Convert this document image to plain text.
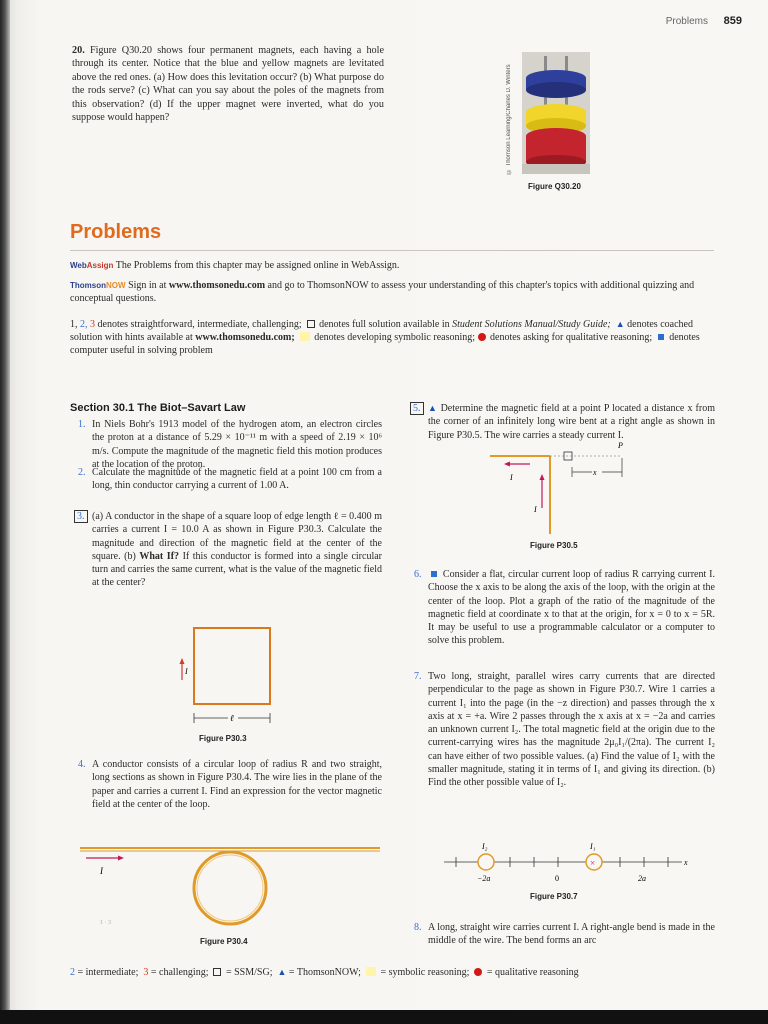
Problems 859
20. Figure Q30.20 shows four permanent magnets, each having a hole through its center. Notice that the blue and yellow magnets are levitated above the red ones. (a) How does this levitation occur? (b) What purpose do the rods serve? (c) What can you say about the poles of the magnets from this observation? (d) If the upper magnet were inverted, what do you suppose would happen?	© Thomson Learning/Charles D. Winters
Figure Q30.20
Problems
WebAssign The Problems from this chapter may be assigned online in WebAssign.
ThomsonNOW Sign in at www.thomsonedu.com and go to ThomsonNOW to assess your understanding of this chapter's topics with additional quizzing and conceptual questions.
1, 2, 3 denotes straightforward, intermediate, challenging;   denotes full solution available in Student Solutions Manual/Study Guide; ▲ denotes coached solution with hints available at www.thomsonedu.com;   denotes developing symbolic reasoning;  denotes asking for qualitative reasoning;  denotes computer useful in solving problem
Section 30.1 The Biot–Savart Law
1. In Niels Bohr's 1913 model of the hydrogen atom, an electron circles the proton at a distance of 5.29 × 10⁻¹¹ m with a speed of 2.19 × 10⁶ m/s. Compute the magnitude of the magnetic field this motion produces at the location of the proton.
2. Calculate the magnitude of the magnetic field at a point 100 cm from a long, thin conductor carrying a current of 1.00 A.
3. (a) A conductor in the shape of a square loop of edge length ℓ = 0.400 m carries a current I = 10.0 A as shown in Figure P30.3. Calculate the magnitude and direction of the magnetic field at the center of the square. (b) What If? If this conductor is formed into a single circular turn and carries the same current, what is the value of the magnetic field at the center?
I
ℓ
Figure P30.3
4. A conductor consists of a circular loop of radius R and two straight, long sections as shown in Figure P30.4. The wire lies in the plane of the paper and carries a current I. Find an expression for the vector magnetic field at the center of the loop.
I
1 · 3
Figure P30.4
5. ▲ Determine the magnetic field at a point P located a distance x from the corner of an infinitely long wire bent at a right angle as shown in Figure P30.5. The wire carries a steady current I.
x
P
I
I
Figure P30.5
6. Consider a flat, circular current loop of radius R carrying current I. Choose the x axis to be along the axis of the loop, with the origin at the center of the loop. Plot a graph of the ratio of the magnitude of the magnetic field at coordinate x to that at the origin, for x = 0 to x = 5R. It may be useful to use a programmable calculator or a computer to solve this problem.
7. Two long, straight, parallel wires carry currents that are directed perpendicular to the page as shown in Figure P30.7. Wire 1 carries a current I₁ into the page (in the −z direction) and passes through the x axis at x = +a. Wire 2 passes through the x axis at x = −2a and carries an unknown current I₂. The total magnetic field at the origin due to the current-carrying wires has the magnitude 2μ₀I₁/(2πa). The current I₂ can have either of two possible values. (a) Find the value of I₂ with the smaller magnitude, stating it in terms of I₁ and giving its direction. (b) Find the other possible value of I₂.
×
I₂	I₁
−2a	0	2a
x
Figure P30.7
8. A long, straight wire carries current I. A right-angle bend is made in the middle of the wire. The bend forms an arc
2 = intermediate; 3 = challenging;   = SSM/SG; ▲ = ThomsonNOW;   = symbolic reasoning;   = qualitative reasoning
